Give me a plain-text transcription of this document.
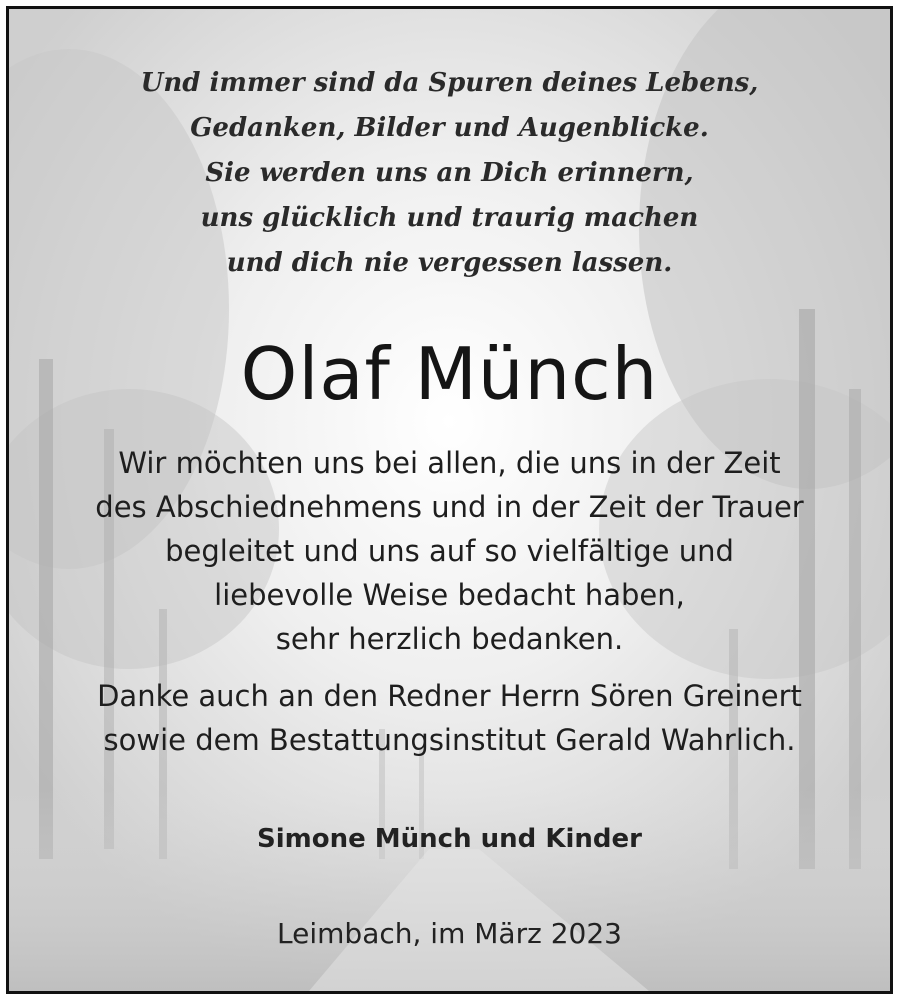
Und immer sind da Spuren deines Lebens,
Gedanken, Bilder und Augenblicke.
Sie werden uns an Dich erinnern,
uns glücklich und traurig machen
und dich nie vergessen lassen.
Olaf Münch
Wir möchten uns bei allen, die uns in der Zeit
des Abschiednehmens und in der Zeit der Trauer
begleitet und uns auf so vielfältige und
liebevolle Weise bedacht haben,
sehr herzlich bedanken.
Danke auch an den Redner Herrn Sören Greinert
sowie dem Bestattungsinstitut Gerald Wahrlich.
Simone Münch und Kinder
Leimbach, im März 2023
